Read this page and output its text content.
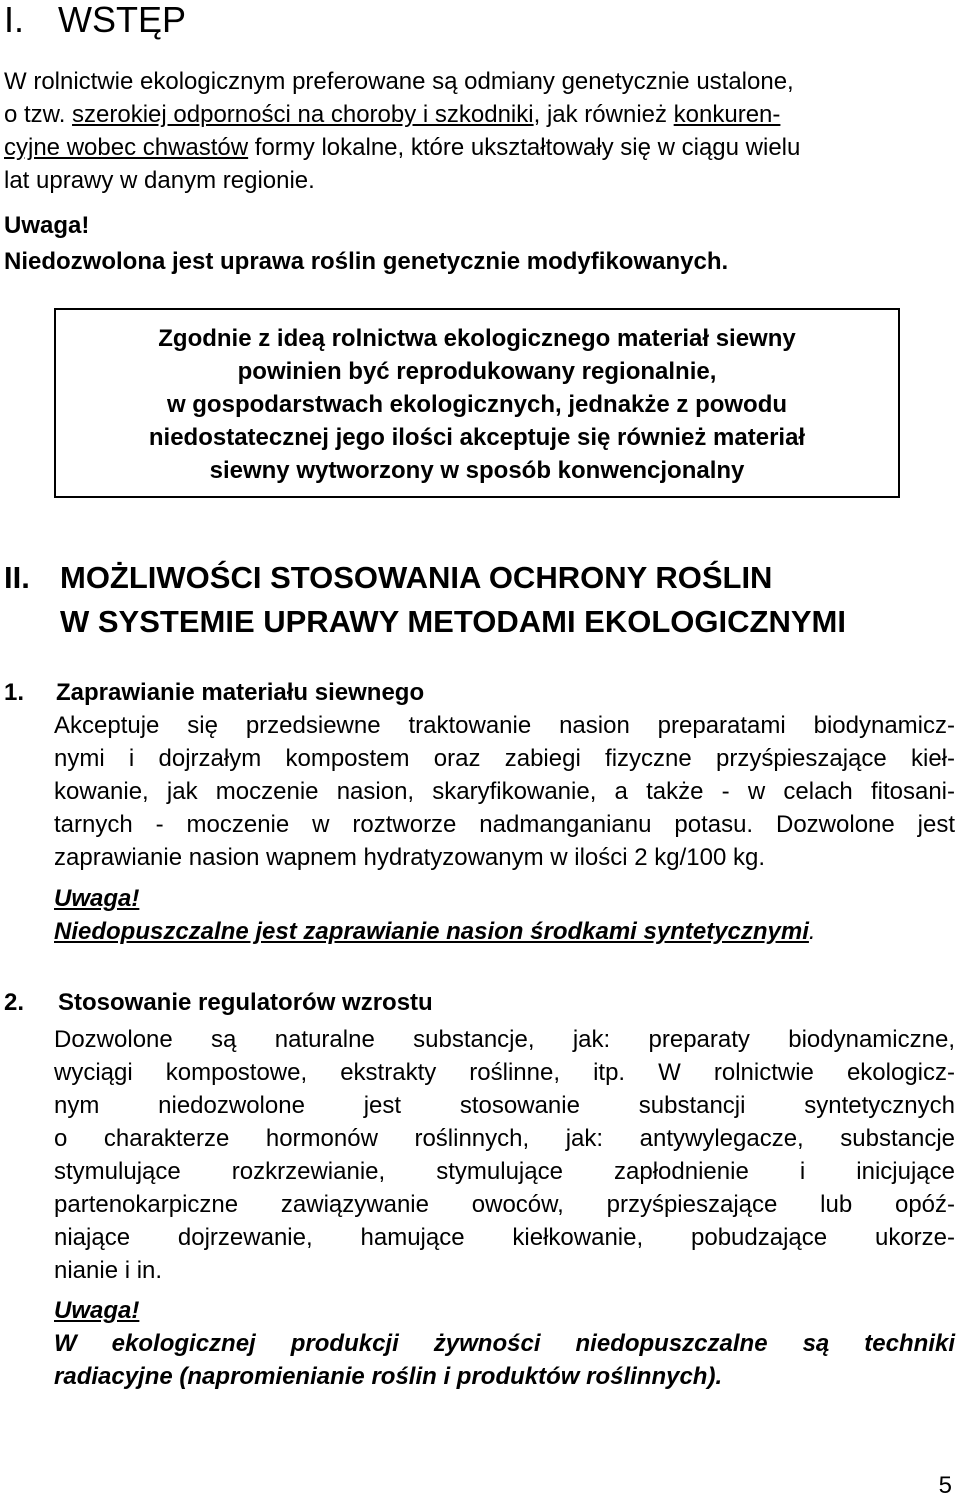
I. WSTĘP
W rolnictwie ekologicznym preferowane są odmiany genetycznie ustalone,
o tzw. szerokiej odporności na choroby i szkodniki, jak również konkuren-
cyjne wobec chwastów formy lokalne, które ukształtowały się w ciągu wielu
lat uprawy w danym regionie.
Uwaga!
Niedozwolona jest uprawa roślin genetycznie modyfikowanych.
Zgodnie z ideą rolnictwa ekologicznego materiał siewny
powinien być reprodukowany regionalnie,
w gospodarstwach ekologicznych, jednakże z powodu
niedostatecznej jego ilości akceptuje się również materiał
siewny wytworzony w sposób konwencjonalny
II. MOŻLIWOŚCI STOSOWANIA OCHRONY ROŚLIN
W SYSTEMIE UPRAWY METODAMI EKOLOGICZNYMI
1. Zaprawianie materiału siewnego
Akceptuje się przedsiewne traktowanie nasion preparatami biodynamicz-
nymi i dojrzałym kompostem oraz zabiegi fizyczne przyśpieszające kieł-
kowanie, jak moczenie nasion, skaryfikowanie, a także - w celach fitosani-
tarnych - moczenie w roztworze nadmanganianu potasu. Dozwolone jest
zaprawianie nasion wapnem hydratyzowanym w ilości 2 kg/100 kg.
Uwaga!
Niedopuszczalne jest zaprawianie nasion środkami syntetycznymi.
2. Stosowanie regulatorów wzrostu
Dozwolone są naturalne substancje, jak: preparaty biodynamiczne,
wyciągi kompostowe, ekstrakty roślinne, itp. W rolnictwie ekologicz-
nym niedozwolone jest stosowanie substancji syntetycznych
o charakterze hormonów roślinnych, jak: antywylegacze, substancje
stymulujące rozkrzewianie, stymulujące zapłodnienie i inicjujące
partenokarpiczne zawiązywanie owoców, przyśpieszające lub opóź-
niające dojrzewanie, hamujące kiełkowanie, pobudzające ukorze-
nianie i in.
Uwaga!
W ekologicznej produkcji żywności niedopuszczalne są techniki
radiacyjne (napromienianie roślin i produktów roślinnych).
5
